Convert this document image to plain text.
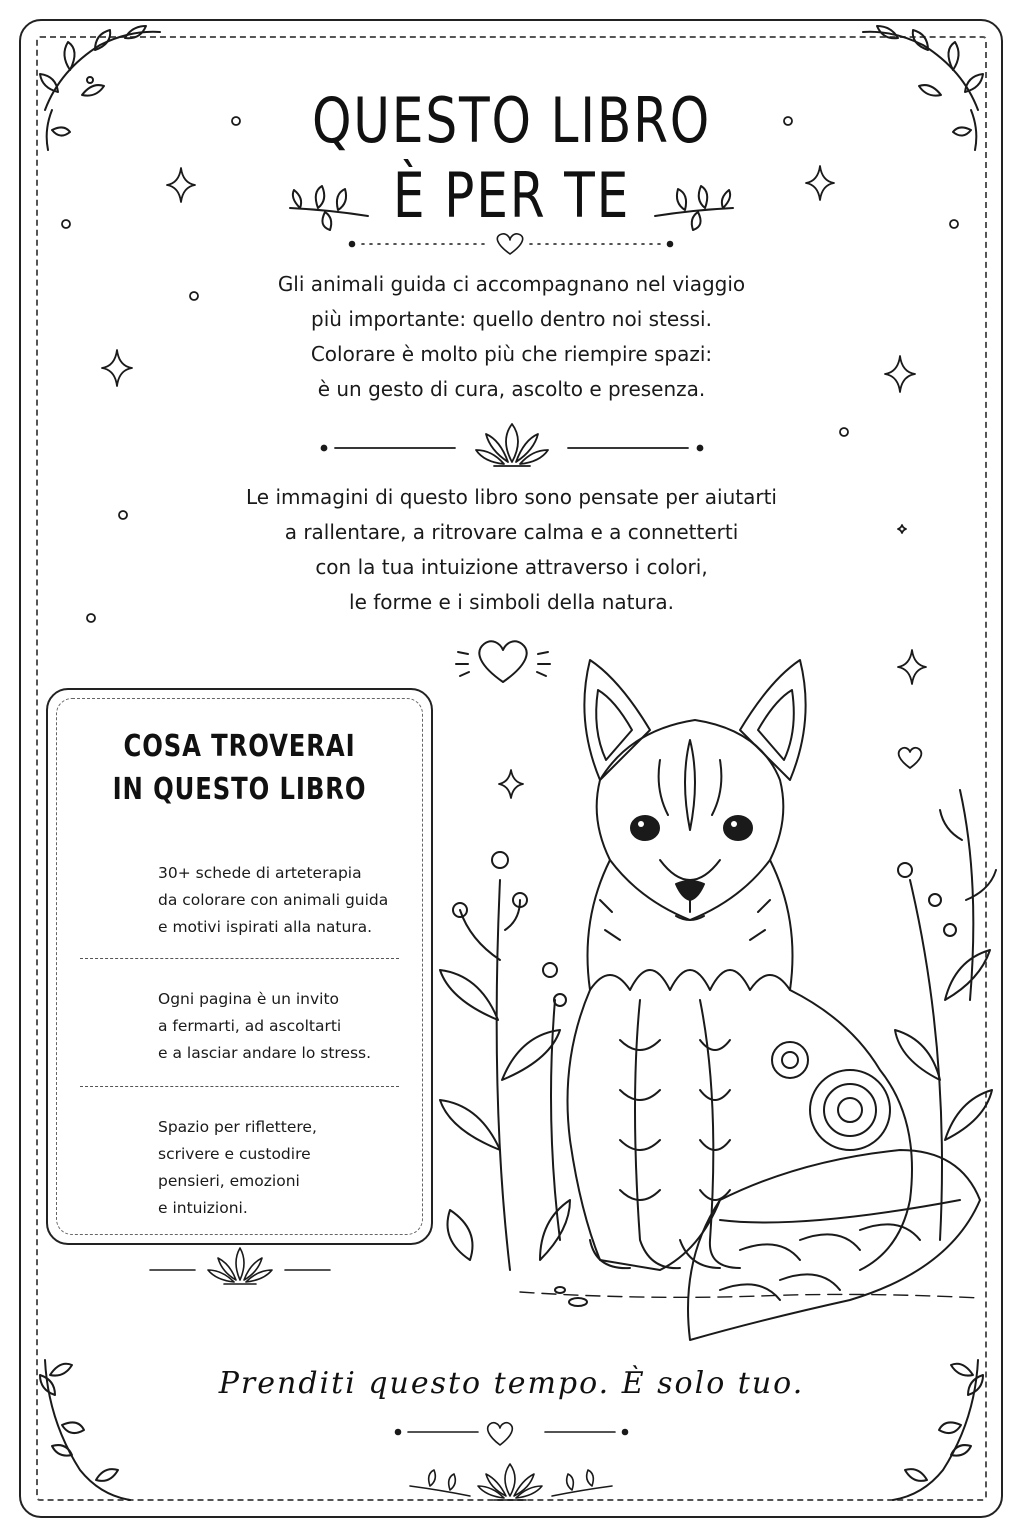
QUESTO LIBRO
È PER TE

Gli animali guida ci accompagnano nel viaggio
più importante: quello dentro noi stessi.
Colorare è molto più che riempire spazi:
è un gesto di cura, ascolto e presenza.

Le immagini di questo libro sono pensate per aiutarti
a rallentare, a ritrovare calma e a connetterti
con la tua intuizione attraverso i colori,
le forme e i simboli della natura.

COSA TROVERAI
IN QUESTO LIBRO

30+ schede di arteterapia
da colorare con animali guida
e motivi ispirati alla natura.

Ogni pagina è un invito
a fermarti, ad ascoltarti
e a lasciar andare lo stress.

Spazio per riflettere,
scrivere e custodire
pensieri, emozioni
e intuizioni.

Prenditi questo tempo. È solo tuo.
